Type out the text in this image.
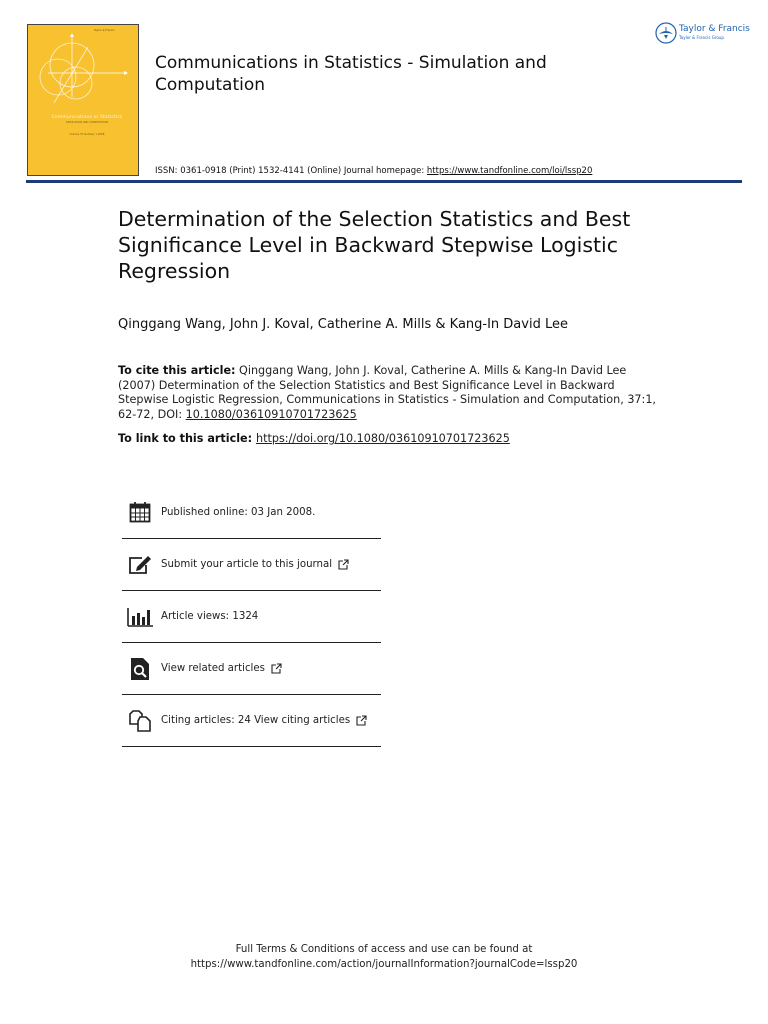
Taylor & Francis
Communications in Statistics
SIMULATION AND COMPUTATION
Volume 37 Number 1 2008
Communications in Statistics - Simulation and Computation
Taylor & Francis
Taylor & Francis Group
ISSN: 0361-0918 (Print) 1532-4141 (Online) Journal homepage: https://www.tandfonline.com/loi/lssp20
Determination of the Selection Statistics and Best Significance Level in Backward Stepwise Logistic Regression
Qinggang Wang, John J. Koval, Catherine A. Mills & Kang-In David Lee
To cite this article: Qinggang Wang, John J. Koval, Catherine A. Mills & Kang-In David Lee (2007) Determination of the Selection Statistics and Best Significance Level in Backward Stepwise Logistic Regression, Communications in Statistics - Simulation and Computation, 37:1, 62-72, DOI: 10.1080/03610910701723625
To link to this article: https://doi.org/10.1080/03610910701723625
Published online: 03 Jan 2008.
Submit your article to this journal
Article views: 1324
View related articles
Citing articles: 24 View citing articles
Full Terms & Conditions of access and use can be found at
https://www.tandfonline.com/action/journalInformation?journalCode=lssp20
